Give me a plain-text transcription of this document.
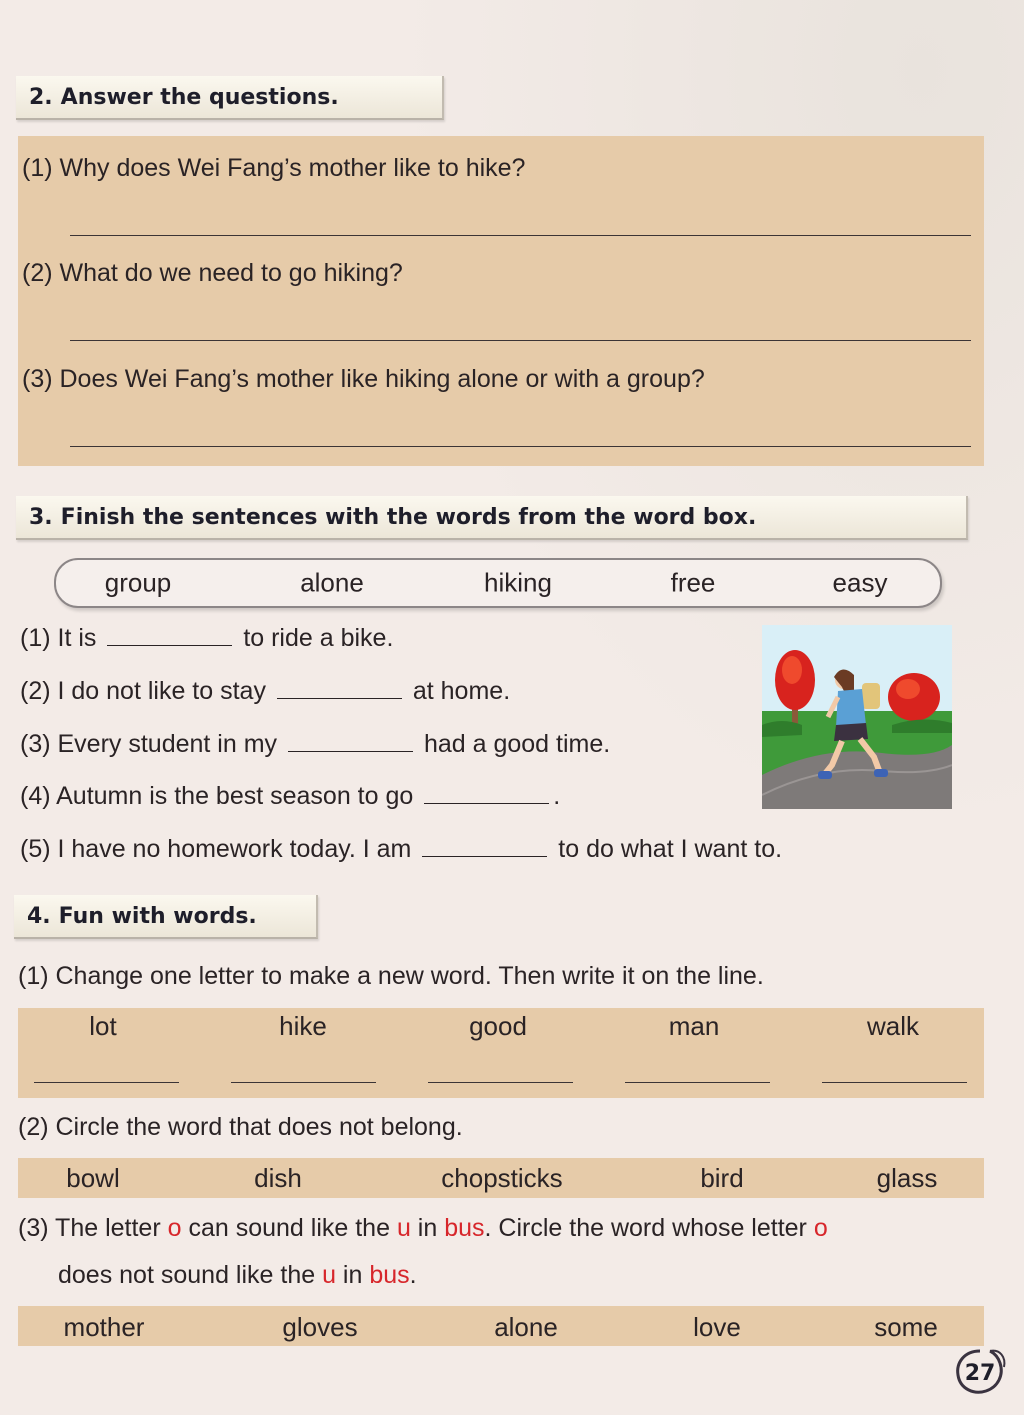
2. Answer the questions.
(1) Why does Wei Fang’s mother like to hike?
(2) What do we need to go hiking?
(3) Does Wei Fang’s mother like hiking alone or with a group?
3. Finish the sentences with the words from the word box.
group	alone	hiking	free	easy
(1) It is	to ride a bike.
(2) I do not like to stay	at home.
(3) Every student in my	had a good time.
(4) Autumn is the best season to go	.
(5) I have no homework today. I am	to do what I want to.
4. Fun with words.
(1) Change one letter to make a new word. Then write it on the line.
lot	hike	good	man	walk
(2) Circle the word that does not belong.
bowl	dish	chopsticks	bird	glass
(3) The letter o can sound like the u in bus. Circle the word whose letter o
does not sound like the u in bus.
mother	gloves	alone	love	some
27
